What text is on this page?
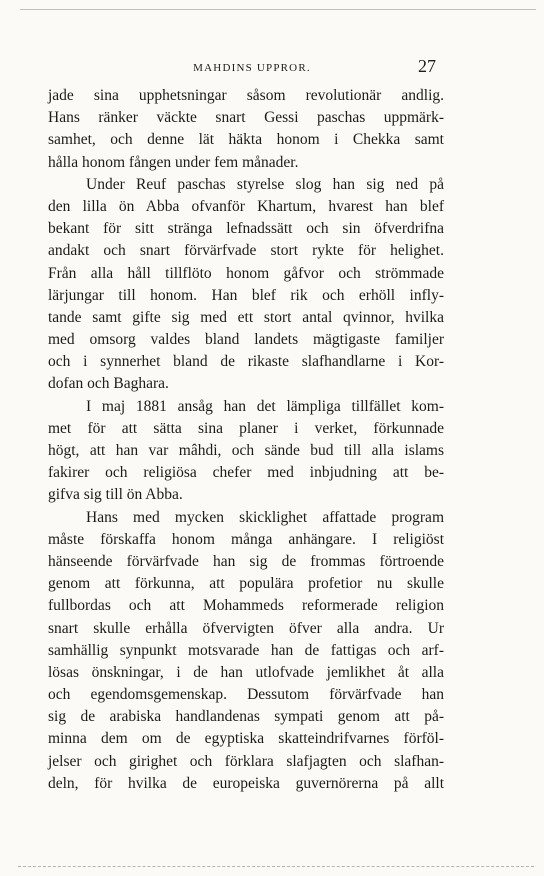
MAHDINS UPPROR.	27
jade sina upphetsningar såsom revolutionär andlig.
Hans ränker väckte snart Gessi paschas uppmärk-
samhet, och denne lät häkta honom i Chekka samt
hålla honom fången under fem månader.
Under Reuf paschas styrelse slog han sig ned på
den lilla ön Abba ofvanför Khartum, hvarest han blef
bekant för sitt stränga lefnadssätt och sin öfverdrifna
andakt och snart förvärfvade stort rykte för helighet.
Från alla håll tillflöto honom gåfvor och strömmade
lärjungar till honom. Han blef rik och erhöll infly-
tande samt gifte sig med ett stort antal qvinnor, hvilka
med omsorg valdes bland landets mägtigaste familjer
och i synnerhet bland de rikaste slafhandlarne i Kor-
dofan och Baghara.
I maj 1881 ansåg han det lämpliga tillfället kom-
met för att sätta sina planer i verket, förkunnade
högt, att han var mâhdi, och sände bud till alla islams
fakirer och religiösa chefer med inbjudning att be-
gifva sig till ön Abba.
Hans med mycken skicklighet affattade program
måste förskaffa honom många anhängare. I religiöst
hänseende förvärfvade han sig de frommas förtroende
genom att förkunna, att populära profetior nu skulle
fullbordas och att Mohammeds reformerade religion
snart skulle erhålla öfvervigten öfver alla andra. Ur
samhällig synpunkt motsvarade han de fattigas och arf-
lösas önskningar, i de han utlofvade jemlikhet åt alla
och egendomsgemenskap. Dessutom förvärfvade han
sig de arabiska handlandenas sympati genom att på-
minna dem om de egyptiska skatteindrifvarnes förföl-
jelser och girighet och förklara slafjagten och slafhan-
deln, för hvilka de europeiska guvernörerna på allt
